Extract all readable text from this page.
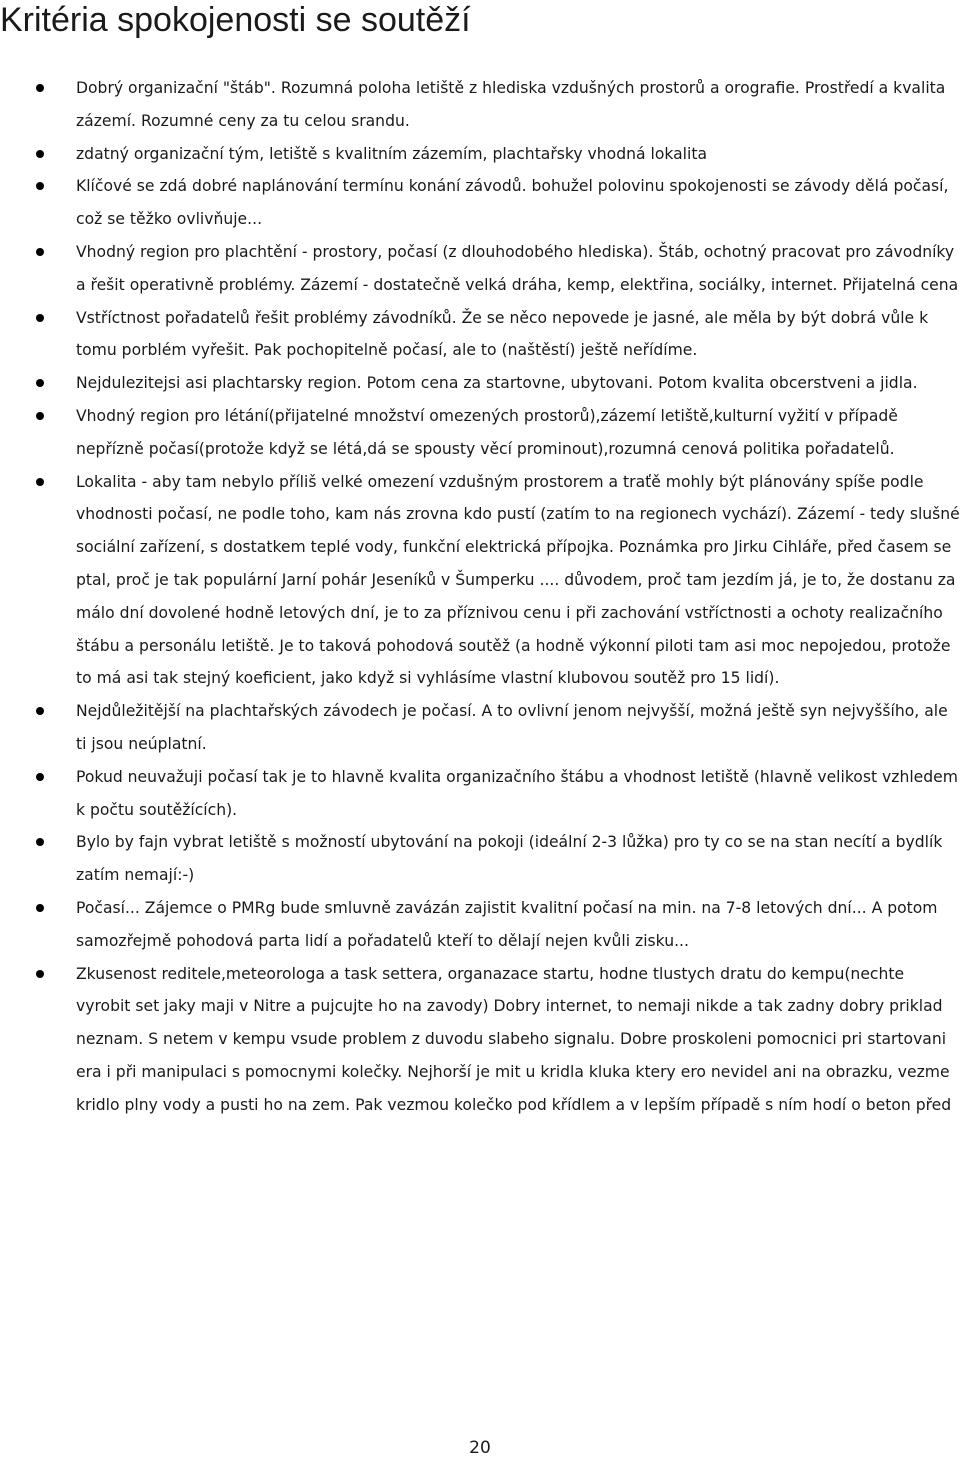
Kritéria spokojenosti se soutěží
Dobrý organizační "štáb". Rozumná poloha letiště z hlediska vzdušných prostorů a orografie. Prostředí a kvalita zázemí. Rozumné ceny za tu celou srandu.
zdatný organizační tým, letiště s kvalitním zázemím, plachtařsky vhodná lokalita
Klíčové se zdá dobré naplánování termínu konání závodů. bohužel polovinu spokojenosti se závody dělá počasí, což se těžko ovlivňuje...
Vhodný region pro plachtění - prostory, počasí (z dlouhodobého hlediska). Štáb, ochotný pracovat pro závodníky a řešit operativně problémy. Zázemí - dostatečně velká dráha, kemp, elektřina, sociálky, internet. Přijatelná cena
Vstříctnost pořadatelů řešit problémy závodníků. Že se něco nepovede je jasné, ale měla by být dobrá vůle k tomu porblém vyřešit. Pak pochopitelně počasí, ale to (naštěstí) ještě neřídíme.
Nejdulezitejsi asi plachtarsky region. Potom cena za startovne, ubytovani. Potom kvalita obcerstveni a jidla.
Vhodný region pro létání(přijatelné množství omezených prostorů),zázemí letiště,kulturní vyžití v případě nepřízně počasí(protože když se létá,dá se spousty věcí prominout),rozumná cenová politika pořadatelů.
Lokalita - aby tam nebylo příliš velké omezení vzdušným prostorem a traťě mohly být plánovány spíše podle vhodnosti počasí, ne podle toho, kam nás zrovna kdo pustí (zatím to na regionech vychází). Zázemí - tedy slušné sociální zařízení, s dostatkem teplé vody, funkční elektrická přípojka. Poznámka pro Jirku Cihláře, před časem se ptal, proč je tak populární Jarní pohár Jeseníků v Šumperku .... důvodem, proč tam jezdím já, je to, že dostanu za málo dní dovolené hodně letových dní, je to za příznivou cenu i při zachování vstříctnosti a ochoty realizačního štábu a personálu letiště. Je to taková pohodová soutěž (a hodně výkonní piloti tam asi moc nepojedou, protože to má asi tak stejný koeficient, jako když si vyhlásíme vlastní klubovou soutěž pro 15 lidí).
Nejdůležitější na plachtařských závodech je počasí. A to ovlivní jenom nejvyšší, možná ještě syn nejvyššího, ale ti jsou neúplatní.
Pokud neuvažuji počasí tak je to hlavně kvalita organizačního štábu a vhodnost letiště (hlavně velikost vzhledem k počtu soutěžících).
Bylo by fajn vybrat letiště s možností ubytování na pokoji (ideální 2-3 lůžka) pro ty co se na stan necítí a bydlík zatím nemají:-)
Počasí... Zájemce o PMRg bude smluvně zavázán zajistit kvalitní počasí na min. na 7-8 letových dní... A potom samozřejmě pohodová parta lidí a pořadatelů kteří to dělají nejen kvůli zisku...
Zkusenost reditele,meteorologa a task settera, organazace startu, hodne tlustych dratu do kempu(nechte vyrobit set jaky maji v Nitre a pujcujte ho na zavody) Dobry internet, to nemaji nikde a tak zadny dobry priklad neznam. S netem v kempu vsude problem z duvodu slabeho signalu. Dobre proskoleni pomocnici pri startovani era i při manipulaci s pomocnymi kolečky. Nejhorší je mit u kridla kluka ktery ero nevidel ani na obrazku, vezme kridlo plny vody a pusti ho na zem. Pak vezmou kolečko pod křídlem a v lepším případě s ním hodí o beton před
20
